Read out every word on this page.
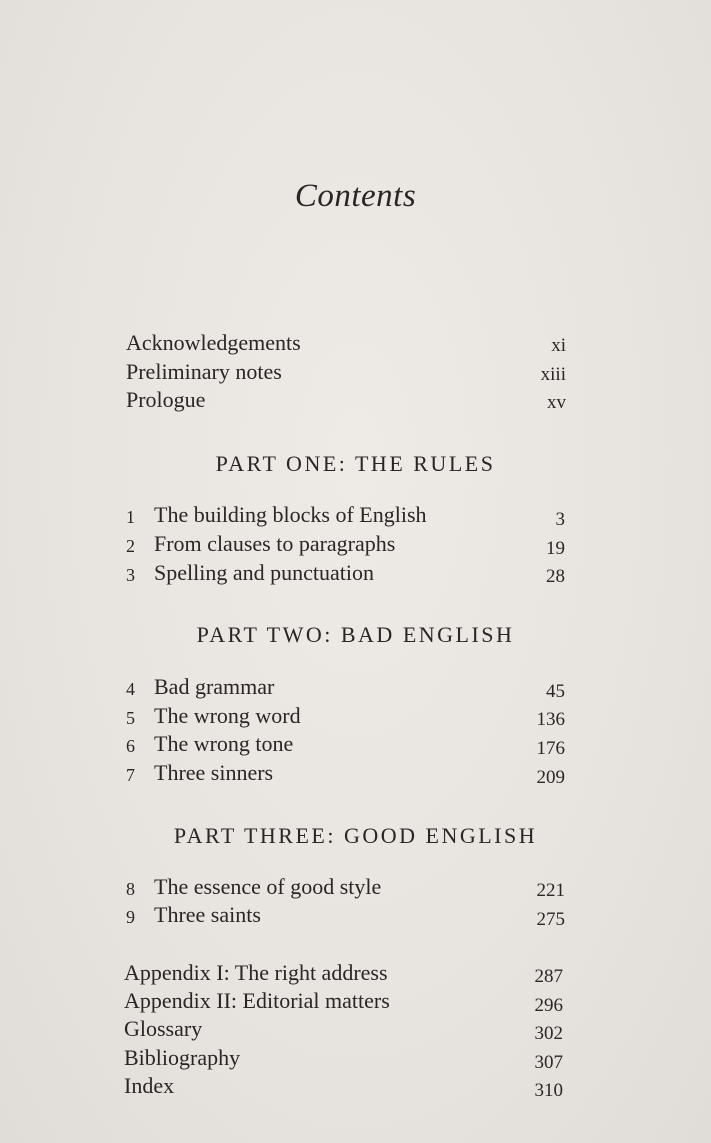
Contents
Acknowledgements	xi
Preliminary notes	xiii
Prologue	xv
PART ONE: THE RULES
1 The building blocks of English	3
2 From clauses to paragraphs	19
3 Spelling and punctuation	28
PART TWO: BAD ENGLISH
4 Bad grammar	45
5 The wrong word	136
6 The wrong tone	176
7 Three sinners	209
PART THREE: GOOD ENGLISH
8 The essence of good style	221
9 Three saints	275
Appendix I: The right address	287
Appendix II: Editorial matters	296
Glossary	302
Bibliography	307
Index	310
